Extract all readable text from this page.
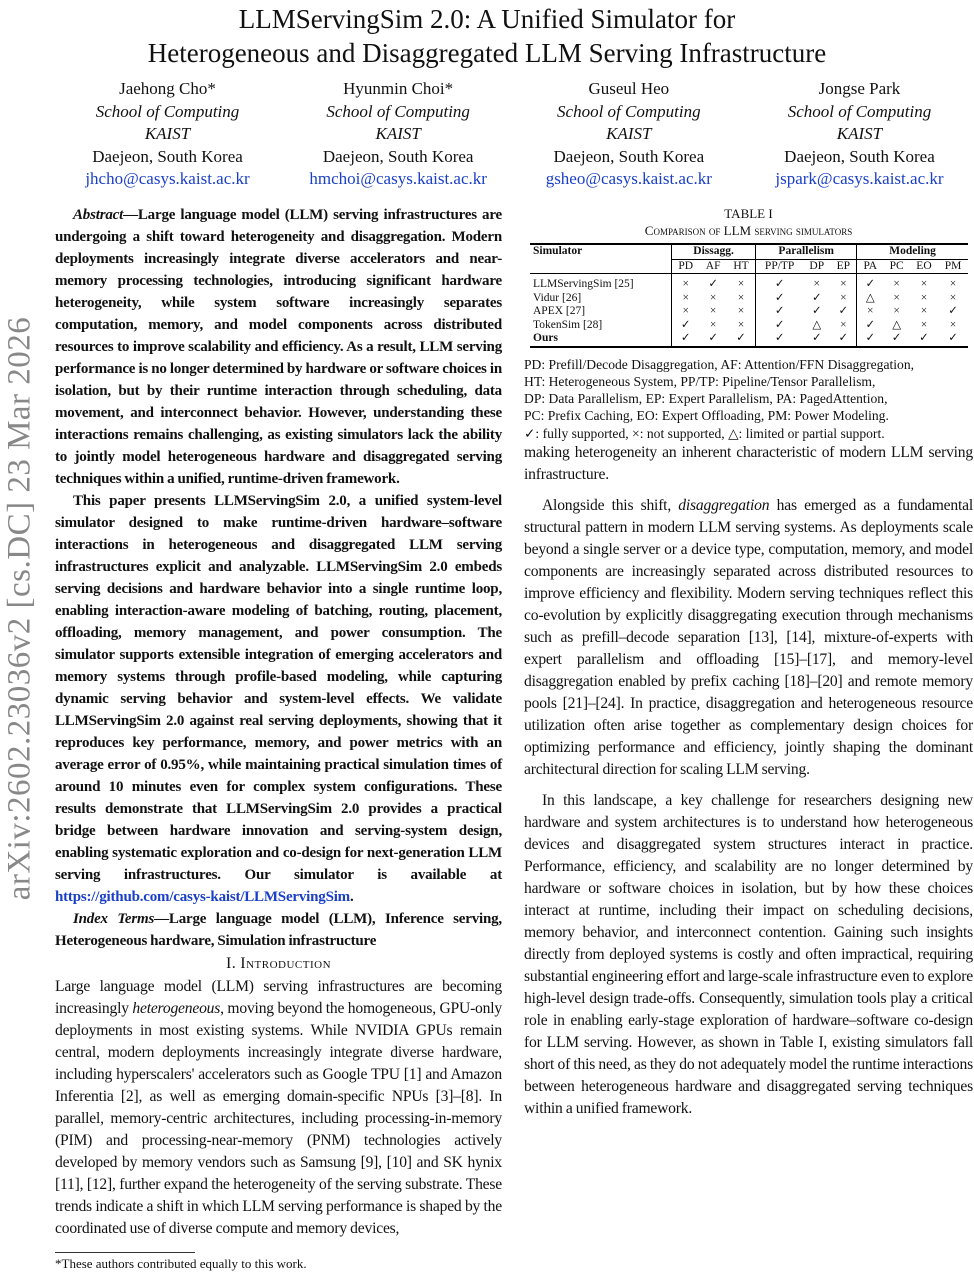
LLMServingSim 2.0: A Unified Simulator for
Heterogeneous and Disaggregated LLM Serving Infrastructure
Jaehong Cho*
School of Computing
KAIST
Daejeon, South Korea
jhcho@casys.kaist.ac.kr
Hyunmin Choi*
School of Computing
KAIST
Daejeon, South Korea
hmchoi@casys.kaist.ac.kr
Guseul Heo
School of Computing
KAIST
Daejeon, South Korea
gsheo@casys.kaist.ac.kr
Jongse Park
School of Computing
KAIST
Daejeon, South Korea
jspark@casys.kaist.ac.kr
arXiv:2602.23036v2 [cs.DC] 23 Mar 2026

Abstract—Large language model (LLM) serving infrastructures are undergoing a shift toward heterogeneity and disaggregation. Modern deployments increasingly integrate diverse accelerators and near-memory processing technologies, introducing significant hardware heterogeneity, while system software increasingly separates computation, memory, and model components across distributed resources to improve scalability and efficiency. As a result, LLM serving performance is no longer determined by hardware or software choices in isolation, but by their runtime interaction through scheduling, data movement, and interconnect behavior. However, understanding these interactions remains challenging, as existing simulators lack the ability to jointly model heterogeneous hardware and disaggregated serving techniques within a unified, runtime-driven framework.

This paper presents LLMServingSim 2.0, a unified system-level simulator designed to make runtime-driven hardware–software interactions in heterogeneous and disaggregated LLM serving infrastructures explicit and analyzable. LLMServingSim 2.0 embeds serving decisions and hardware behavior into a single runtime loop, enabling interaction-aware modeling of batching, routing, placement, offloading, memory management, and power consumption. The simulator supports extensible integration of emerging accelerators and memory systems through profile-based modeling, while capturing dynamic serving behavior and system-level effects. We validate LLMServingSim 2.0 against real serving deployments, showing that it reproduces key performance, memory, and power metrics with an average error of 0.95%, while maintaining practical simulation times of around 10 minutes even for complex system configurations. These results demonstrate that LLMServingSim 2.0 provides a practical bridge between hardware innovation and serving-system design, enabling systematic exploration and co-design for next-generation LLM serving infrastructures. Our simulator is available at https://github.com/casys-kaist/LLMServingSim.

Index Terms—Large language model (LLM), Inference serving, Heterogeneous hardware, Simulation infrastructure

I. Introduction

Large language model (LLM) serving infrastructures are becoming increasingly heterogeneous, moving beyond the homogeneous, GPU-only deployments in most existing systems. While NVIDIA GPUs remain central, modern deployments increasingly integrate diverse hardware, including hyperscalers' accelerators such as Google TPU [1] and Amazon Inferentia [2], as well as emerging domain-specific NPUs [3]–[8]. In parallel, memory-centric architectures, including processing-in-memory (PIM) and processing-near-memory (PNM) technologies actively developed by memory vendors such as Samsung [9], [10] and SK hynix [11], [12], further expand the heterogeneity of the serving substrate. These trends indicate a shift in which LLM serving performance is shaped by the coordinated use of diverse compute and memory devices,

*These authors contributed equally to this work.
TABLE I
Comparison of LLM serving simulators
Simulator	Dissagg.			Parallelism			Modeling			
	PD	AF	HT	PP/TP	DP	EP	PA	PC	EO	PM
LLMServingSim [25]	×	✓	×	✓	×	×	✓	×	×	×
Vidur [26]	×	×	×	✓	✓	×	△	×	×	×
APEX [27]	×	×	×	✓	✓	✓	×	×	×	✓
TokenSim [28]	✓	×	×	✓	△	×	✓	△	×	×
Ours	✓	✓	✓	✓	✓	✓	✓	✓	✓	✓
PD: Prefill/Decode Disaggregation, AF: Attention/FFN Disaggregation,
HT: Heterogeneous System, PP/TP: Pipeline/Tensor Parallelism,
DP: Data Parallelism, EP: Expert Parallelism, PA: PagedAttention,
PC: Prefix Caching, EO: Expert Offloading, PM: Power Modeling.
✓: fully supported, ×: not supported, △: limited or partial support.

making heterogeneity an inherent characteristic of modern LLM serving infrastructure.

Alongside this shift, disaggregation has emerged as a fundamental structural pattern in modern LLM serving systems. As deployments scale beyond a single server or a device type, computation, memory, and model components are increasingly separated across distributed resources to improve efficiency and flexibility. Modern serving techniques reflect this co-evolution by explicitly disaggregating execution through mechanisms such as prefill–decode separation [13], [14], mixture-of-experts with expert parallelism and offloading [15]–[17], and memory-level disaggregation enabled by prefix caching [18]–[20] and remote memory pools [21]–[24]. In practice, disaggregation and heterogeneous resource utilization often arise together as complementary design choices for optimizing performance and efficiency, jointly shaping the dominant architectural direction for scaling LLM serving.

In this landscape, a key challenge for researchers designing new hardware and system architectures is to understand how heterogeneous devices and disaggregated system structures interact in practice. Performance, efficiency, and scalability are no longer determined by hardware or software choices in isolation, but by how these choices interact at runtime, including their impact on scheduling decisions, memory behavior, and interconnect contention. Gaining such insights directly from deployed systems is costly and often impractical, requiring substantial engineering effort and large-scale infrastructure even to explore high-level design trade-offs. Consequently, simulation tools play a critical role in enabling early-stage exploration of hardware–software co-design for LLM serving. However, as shown in Table I, existing simulators fall short of this need, as they do not adequately model the runtime interactions between heterogeneous hardware and disaggregated serving techniques within a unified framework.
